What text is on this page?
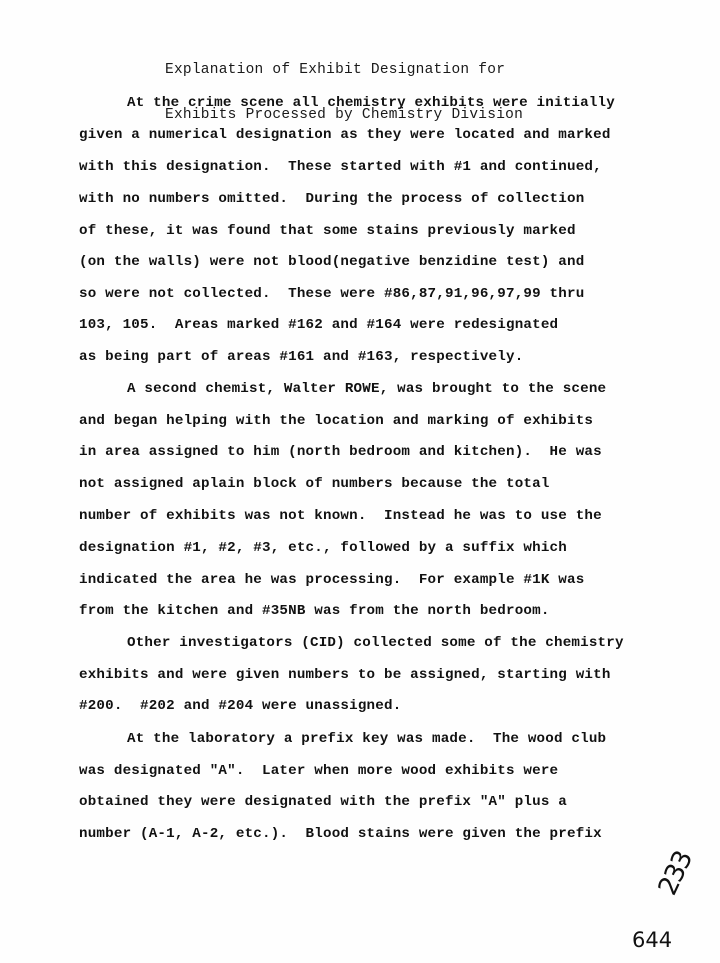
Explanation of Exhibit Designation for

Exhibits Processed by Chemistry Division

At the crime scene all chemistry exhibits were initially
given a numerical designation as they were located and marked
with this designation.  These started with #1 and continued,
with no numbers omitted.  During the process of collection
of these, it was found that some stains previously marked
(on the walls) were not blood(negative benzidine test) and
so were not collected.  These were #86,87,91,96,97,99 thru
103, 105.  Areas marked #162 and #164 were redesignated
as being part of areas #161 and #163, respectively.
A second chemist, Walter ROWE, was brought to the scene
and began helping with the location and marking of exhibits
in area assigned to him (north bedroom and kitchen).  He was
not assigned aplain block of numbers because the total
number of exhibits was not known.  Instead he was to use the
designation #1, #2, #3, etc., followed by a suffix which
indicated the area he was processing.  For example #1K was
from the kitchen and #35NB was from the north bedroom.
Other investigators (CID) collected some of the chemistry
exhibits and were given numbers to be assigned, starting with
#200.  #202 and #204 were unassigned.
At the laboratory a prefix key was made.  The wood club
was designated "A".  Later when more wood exhibits were
obtained they were designated with the prefix "A" plus a
number (A-1, A-2, etc.).  Blood stains were given the prefix
233
644
